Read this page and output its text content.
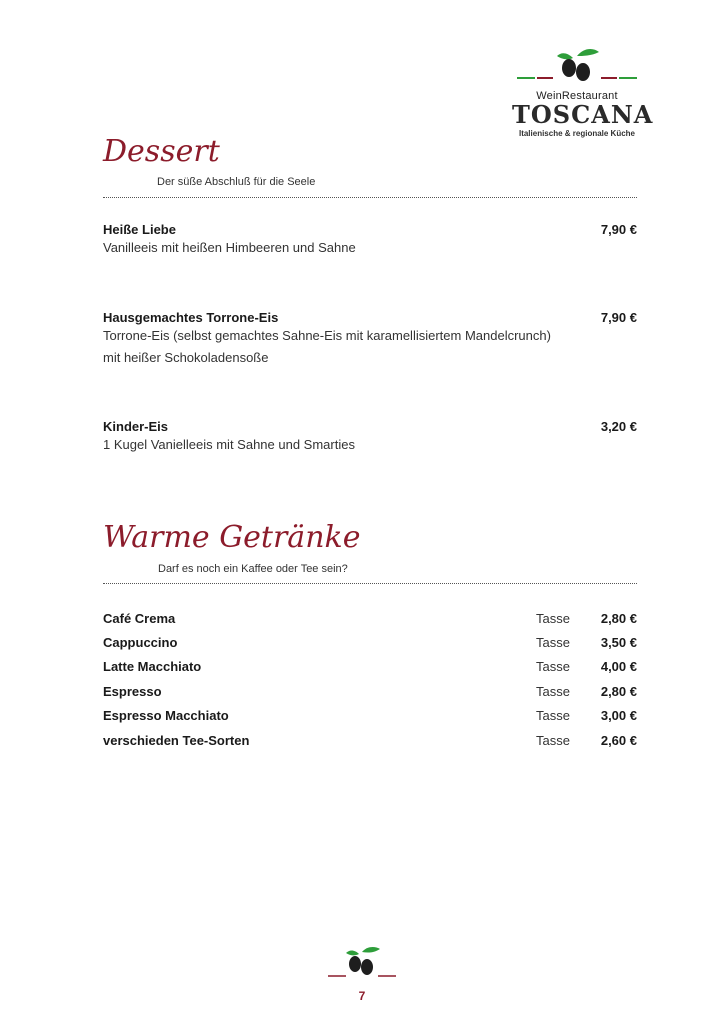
WeinRestaurant
TOSCANA
Italienische & regionale Küche
Dessert
Der süße Abschluß für die Seele
Heiße Liebe	7,90 €
Vanilleeis mit heißen Himbeeren und Sahne
Hausgemachtes Torrone-Eis	7,90 €
Torrone-Eis (selbst gemachtes Sahne-Eis mit karamellisiertem Mandelcrunch)
mit heißer Schokoladensoße
Kinder-Eis	3,20 €
1 Kugel Vanielleeis mit Sahne und Smarties
Warme Getränke
Darf es noch ein Kaffee oder Tee sein?
Café Crema	Tasse 2,80 €
Cappuccino	Tasse 3,50 €
Latte Macchiato	Tasse 4,00 €
Espresso	Tasse 2,80 €
Espresso Macchiato	Tasse 3,00 €
verschieden Tee-Sorten	Tasse 2,60 €
7
